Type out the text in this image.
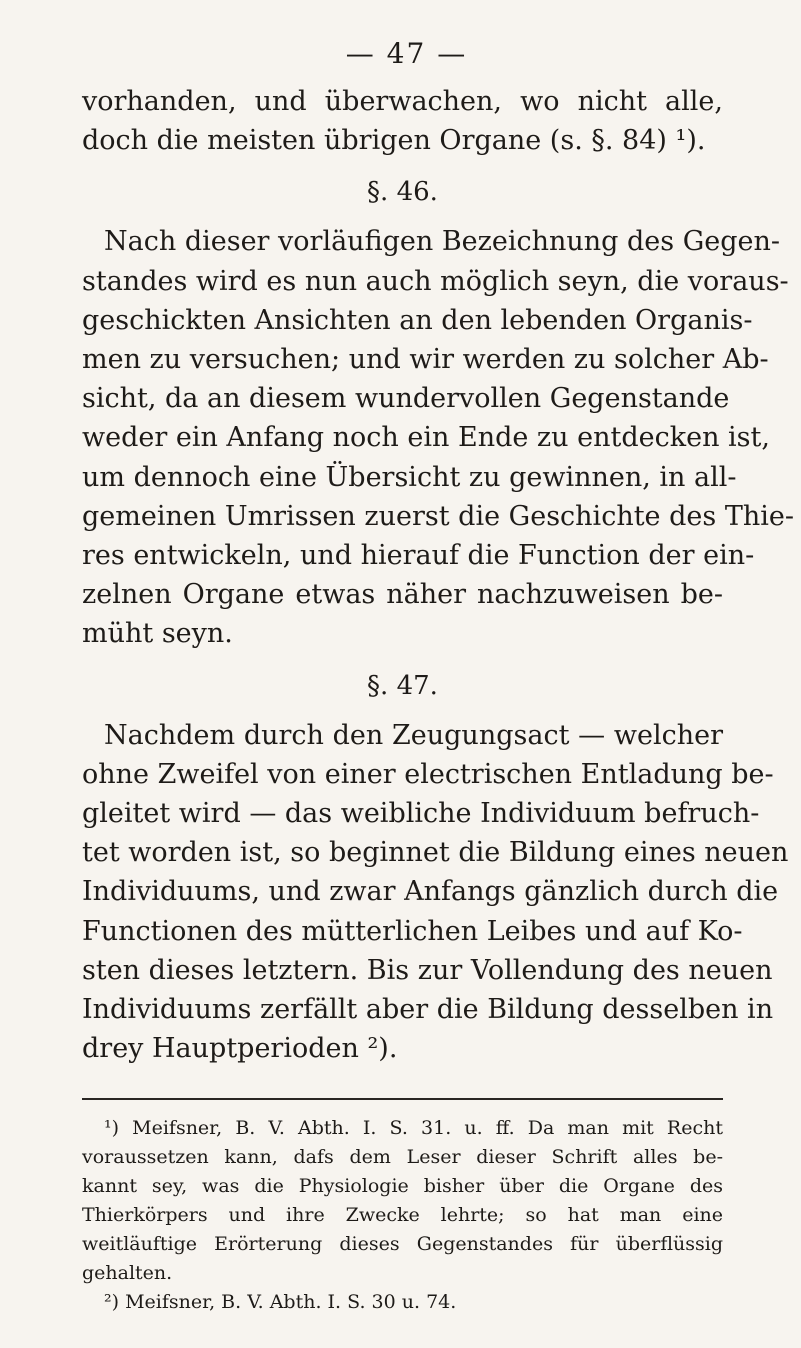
— 47 —
vorhanden, und überwachen, wo nicht alle,
doch die meisten übrigen Organe (s. §. 84) ¹).
§. 46.
Nach dieser vorläufigen Bezeichnung des Gegen-
standes wird es nun auch möglich seyn, die voraus-
geschickten Ansichten an den lebenden Organis-
men zu versuchen; und wir werden zu solcher Ab-
sicht, da an diesem wundervollen Gegenstande
weder ein Anfang noch ein Ende zu entdecken ist,
um dennoch eine Übersicht zu gewinnen, in all-
gemeinen Umrissen zuerst die Geschichte des Thie-
res entwickeln, und hierauf die Function der ein-
zelnen Organe etwas näher nachzuweisen be-
müht seyn.
§. 47.
Nachdem durch den Zeugungsact — welcher
ohne Zweifel von einer electrischen Entladung be-
gleitet wird — das weibliche Individuum befruch-
tet worden ist, so beginnet die Bildung eines neuen
Individuums, und zwar Anfangs gänzlich durch die
Functionen des mütterlichen Leibes und auf Ko-
sten dieses letztern. Bis zur Vollendung des neuen
Individuums zerfällt aber die Bildung desselben in
drey Hauptperioden ²).
¹) Meifsner, B. V. Abth. I. S. 31. u. ff. Da man mit Recht
voraussetzen kann, dafs dem Leser dieser Schrift alles be-
kannt sey, was die Physiologie bisher über die Organe des
Thierkörpers und ihre Zwecke lehrte; so hat man eine
weitläuftige Erörterung dieses Gegenstandes für überflüssig
gehalten.
²) Meifsner, B. V. Abth. I. S. 30 u. 74.
